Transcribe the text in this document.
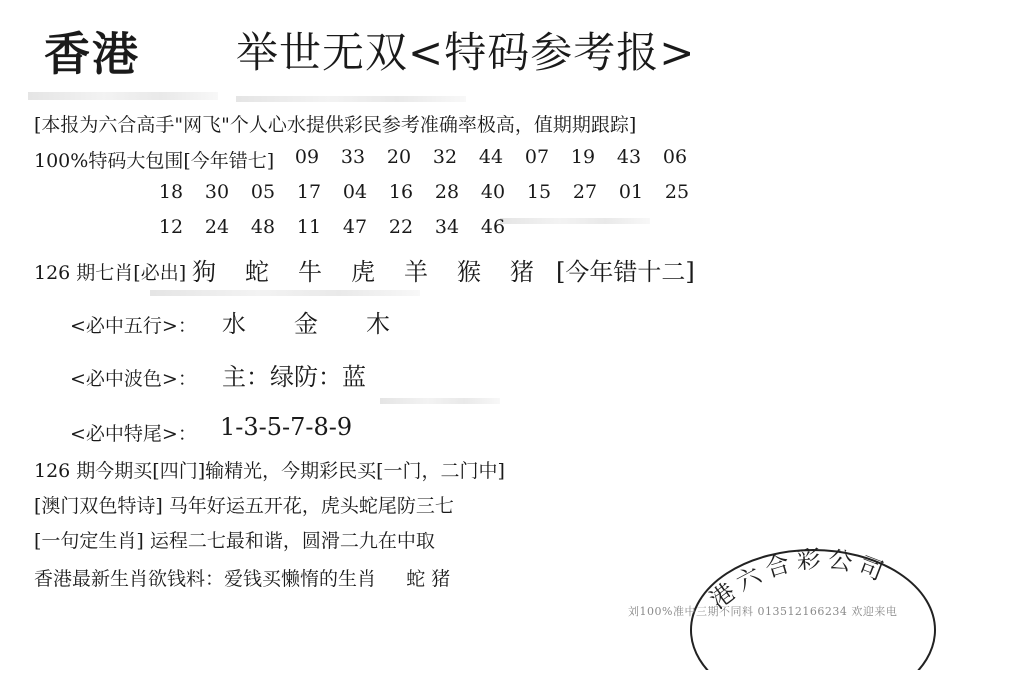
香港 举世无双<特码参考报>
[本报为六合高手"网飞"个人心水提供彩民参考准确率极高，值期期跟踪]
100%特码大包围[今年错七]	09	33	20	32	44	07	19	43	06
18	30	05	17	04	16	28	40	15	27	01	25
12	24	48	11	47	22	34	46
126 期七肖[必出] 狗	蛇	牛	虎	羊	猴	猪 [今年错十二]
<必中五行>： 水	金	木
<必中波色>： 主：绿防：蓝
<必中特尾>： 1-3-5-7-8-9
126 期今期买[四门]输精光，今期彩民买[一门，二门中]
[澳门双色特诗] 马年好运五开花，虎头蛇尾防三七
[一句定生肖] 运程二七最和谐，圆滑二九在中取
香港最新生肖欲钱料：爱钱买懒惰的生肖     蛇 猪	港六合彩公司
刘100%准中三期不同料 013512166234 欢迎来电
